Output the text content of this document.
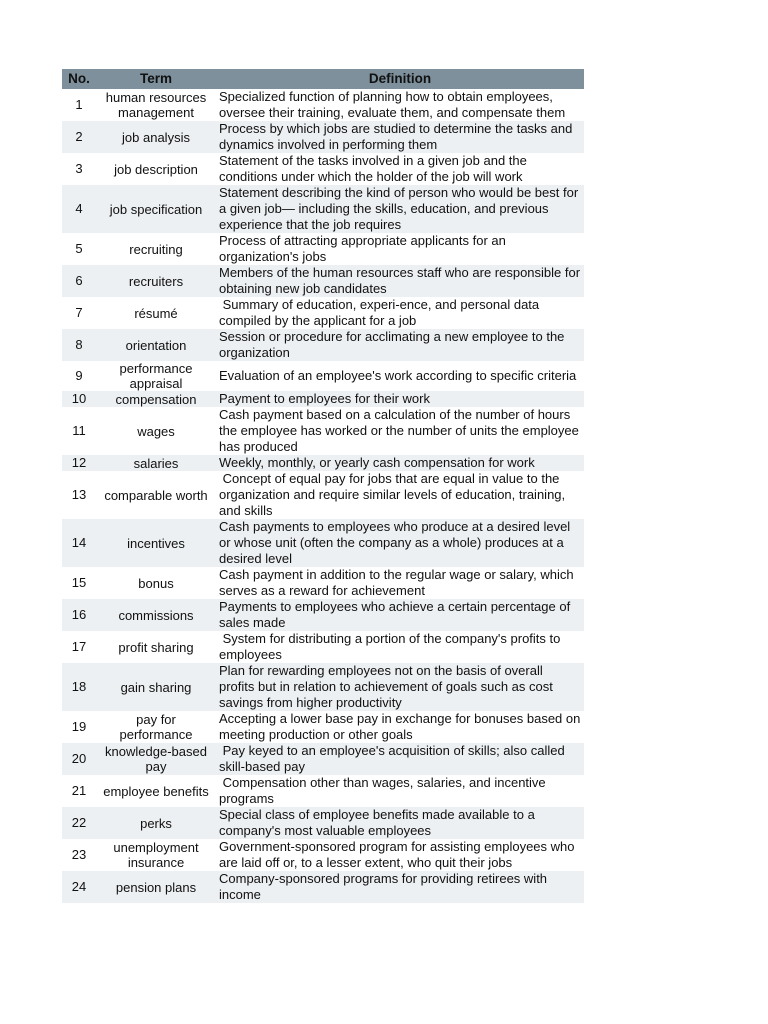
No.	Term	Definition
1	human resources management	Specialized function of planning how to obtain employees, oversee their training, evaluate them, and compensate them
2	job analysis	Process by which jobs are studied to determine the tasks and dynamics involved in performing them
3	job description	Statement of the tasks involved in a given job and the conditions under which the holder of the job will work
4	job specification	Statement describing the kind of person who would be best for a given job— including the skills, education, and previous experience that the job requires
5	recruiting	Process of attracting appropriate applicants for an organization's jobs
6	recruiters	Members of the human resources staff who are responsible for obtaining new job candidates
7	résumé	Summary of education, experi-ence, and personal data compiled by the applicant for a job
8	orientation	Session or procedure for acclimating a new employee to the organization
9	performance appraisal	Evaluation of an employee's work according to specific criteria
10	compensation	Payment to employees for their work
11	wages	Cash payment based on a calculation of the number of hours the employee has worked or the number of units the employee has produced
12	salaries	Weekly, monthly, or yearly cash compensation for work
13	comparable worth	Concept of equal pay for jobs that are equal in value to the organization and require similar levels of education, training, and skills
14	incentives	Cash payments to employees who produce at a desired level or whose unit (often the company as a whole) produces at a desired level
15	bonus	Cash payment in addition to the regular wage or salary, which serves as a reward for achievement
16	commissions	Payments to employees who achieve a certain percentage of sales made
17	profit sharing	System for distributing a portion of the company's profits to employees
18	gain sharing	Plan for rewarding employees not on the basis of overall profits but in relation to achievement of goals such as cost savings from higher productivity
19	pay for performance	Accepting a lower base pay in exchange for bonuses based on meeting production or other goals
20	knowledge-based pay	Pay keyed to an employee's acquisition of skills; also called skill-based pay
21	employee benefits	Compensation other than wages, salaries, and incentive programs
22	perks	Special class of employee benefits made available to a company's most valuable employees
23	unemployment insurance	Government-sponsored program for assisting employees who are laid off or, to a lesser extent, who quit their jobs
24	pension plans	Company-sponsored programs for providing retirees with income
